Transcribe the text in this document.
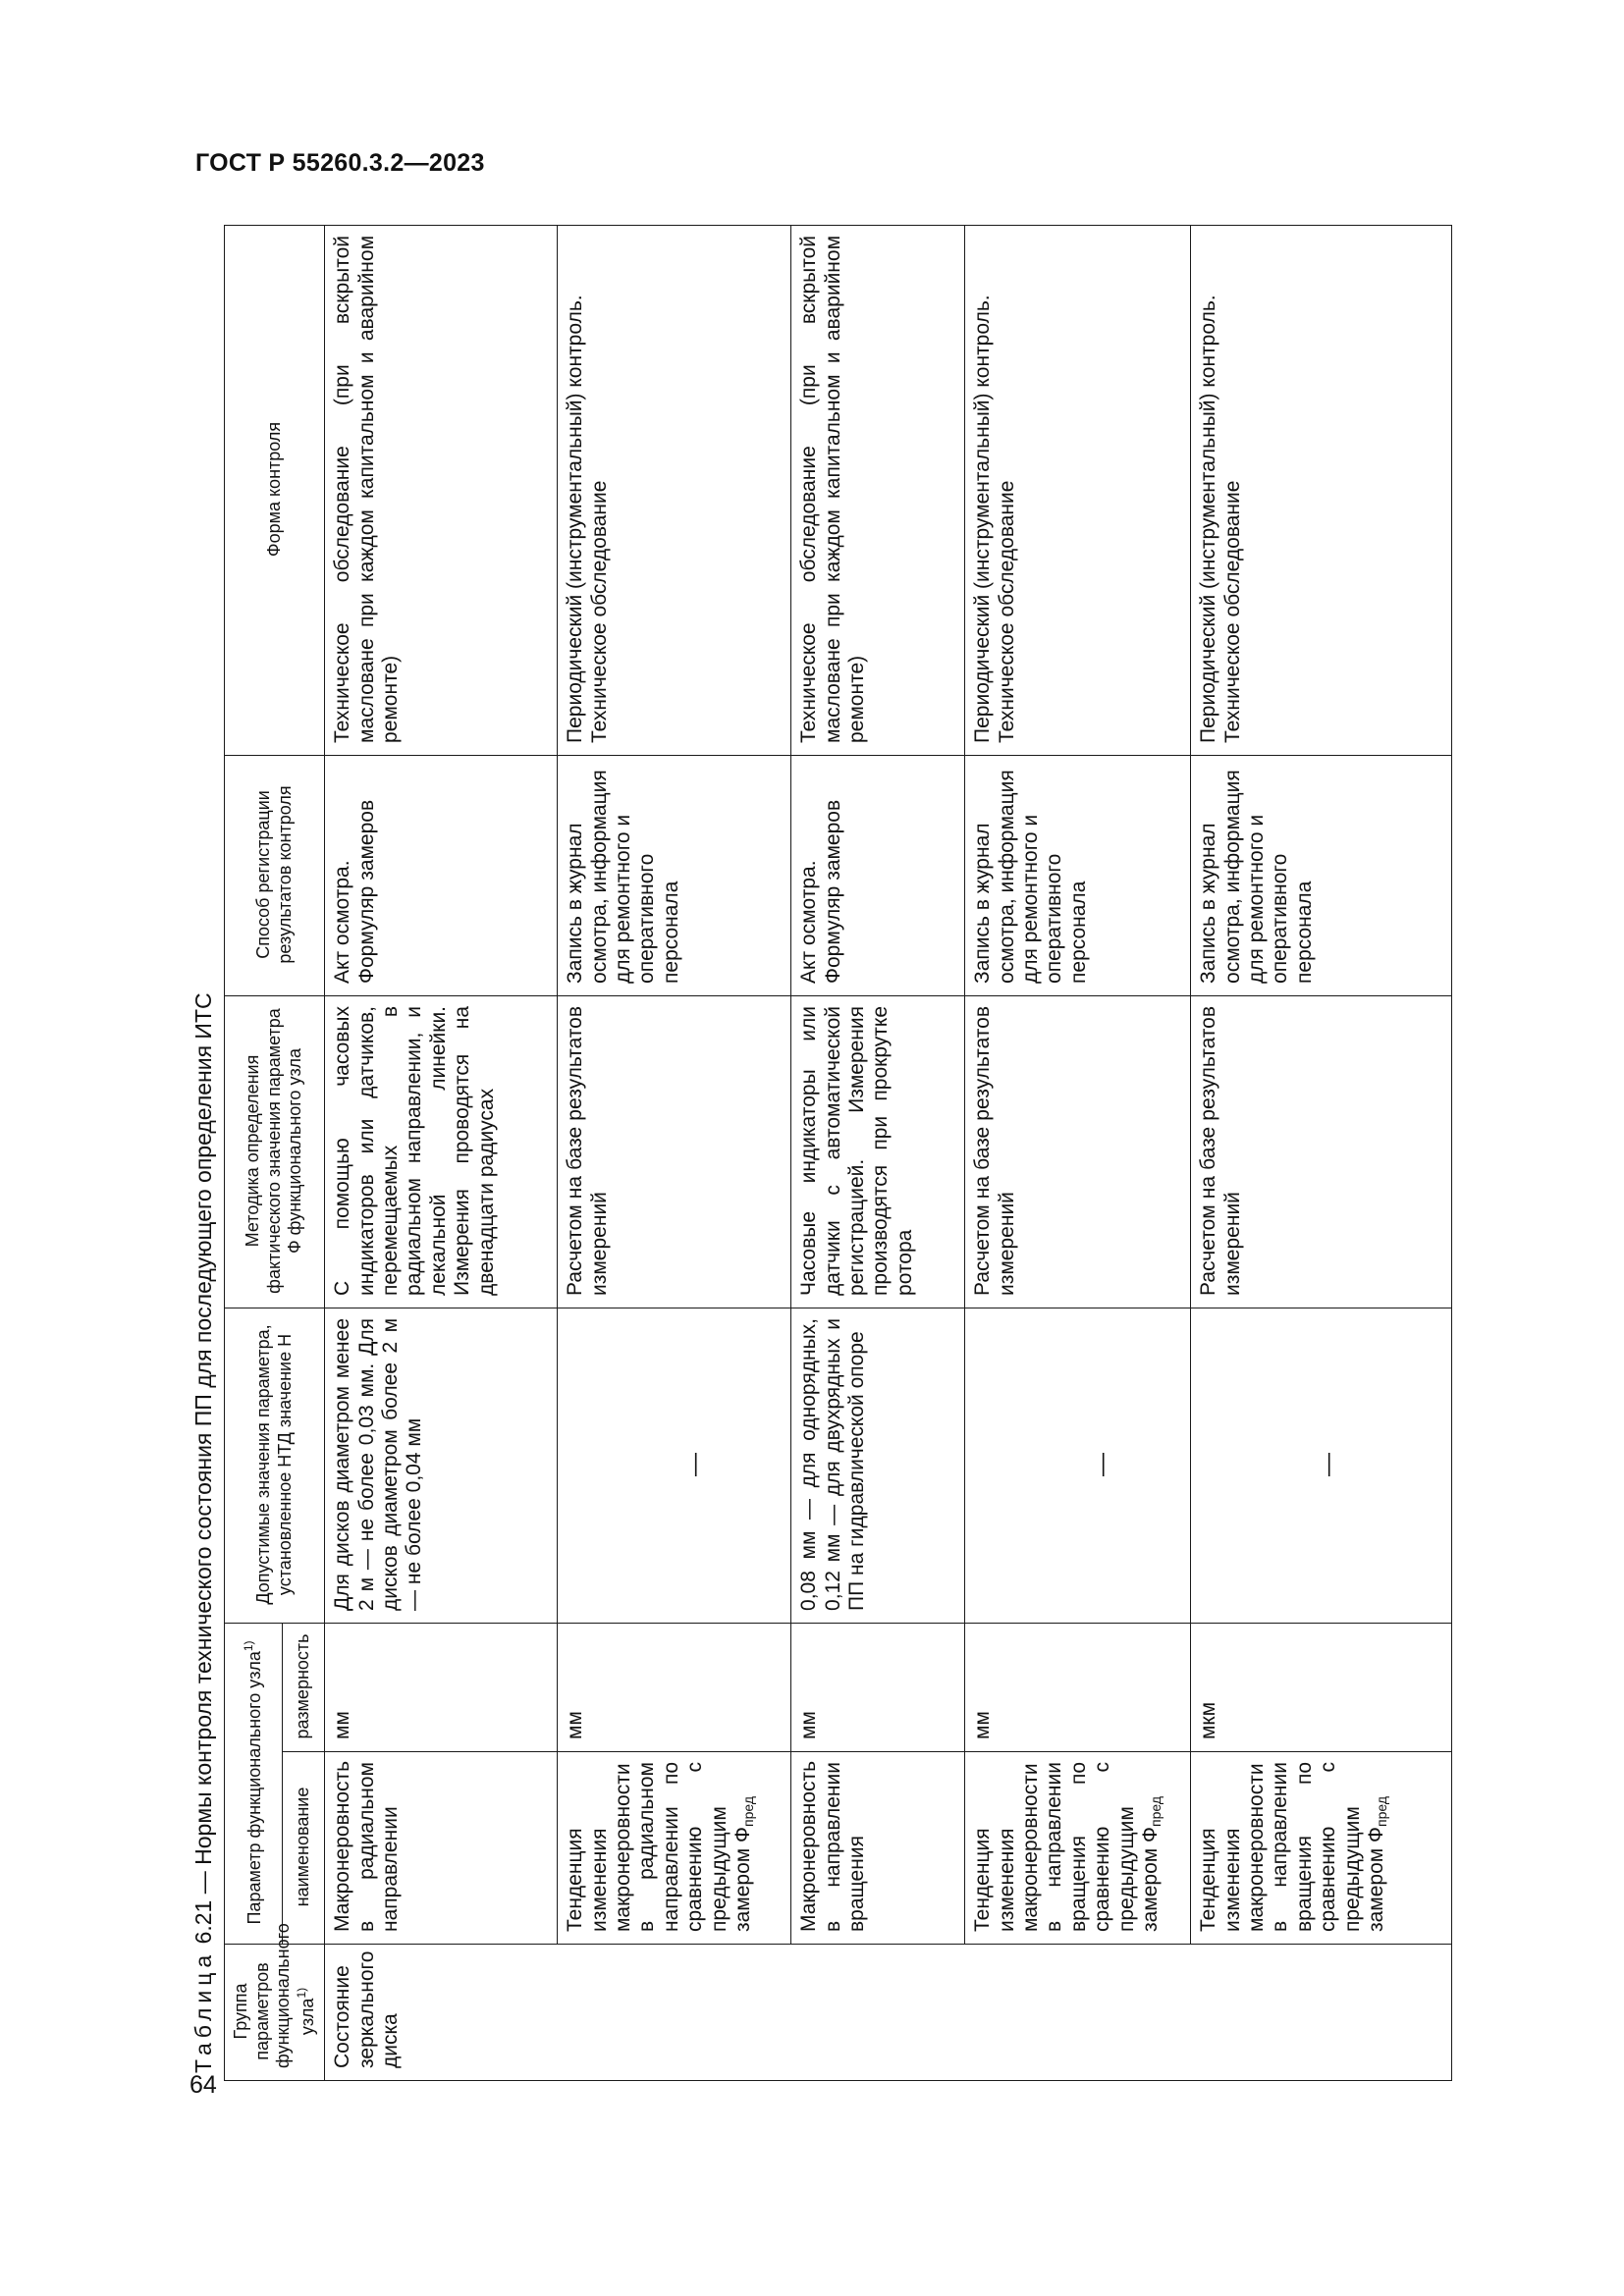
ГОСТ Р 55260.3.2—2023
64
Таблица 6.21 — Нормы контроля технического состояния ПП для последующего определения ИТС
Группа параметров функционального узла$^{1)}$	Параметр функционального узла$^{1)}$		Допустимые значения параметра, установленное НТД значение Н	Методика определения фактического значения параметра Ф функционального узла	Способ регистрации результатов контроля	Форма контроля
	наименование	размерность				
Состояние зеркального диска	Макронеровность в радиальном направлении	мм	Для дисков диаметром менее 2 м — не более 0,03 мм. Для дисков диаметром более 2 м — не более 0,04 мм	С помощью часовых индикаторов или датчиков, перемещаемых в радиальном направлении, и лекальной линейки. Измерения проводятся на двенадцати радиусах	Акт осмотра. Формуляр замеров	Техническое обследование (при вскрытой масловане при каждом капитальном и аварийном ремонте)
	Тенденция изменения макронеровности в радиальном направлении по сравнению с предыдущим замером $Ф_{пред}$	мм	—	Расчетом на базе результатов измерений	Запись в журнал осмотра, информация для ремонтного и оперативного персонала	Периодический (инструментальный) контроль. Техническое обследование
	Макронеровность в направлении вращения	мм	0,08 мм — для однорядных, 0,12 мм — для двухрядных и ПП на гидравлической опоре	Часовые индикаторы или датчики с автоматической регистрацией. Измерения производятся при прокрутке ротора	Акт осмотра. Формуляр замеров	Техническое обследование (при вскрытой масловане при каждом капитальном и аварийном ремонте)
	Тенденция изменения макронеровности в направлении вращения по сравнению с предыдущим замером $Ф_{пред}$	мм	—	Расчетом на базе результатов измерений	Запись в журнал осмотра, информация для ремонтного и оперативного персонала	Периодический (инструментальный) контроль. Техническое обследование
	Тенденция изменения макронеровности в направлении вращения по сравнению с предыдущим замером $Ф_{пред}$	мкм	—	Расчетом на базе результатов измерений	Запись в журнал осмотра, информация для ремонтного и оперативного персонала	Периодический (инструментальный) контроль. Техническое обследование
